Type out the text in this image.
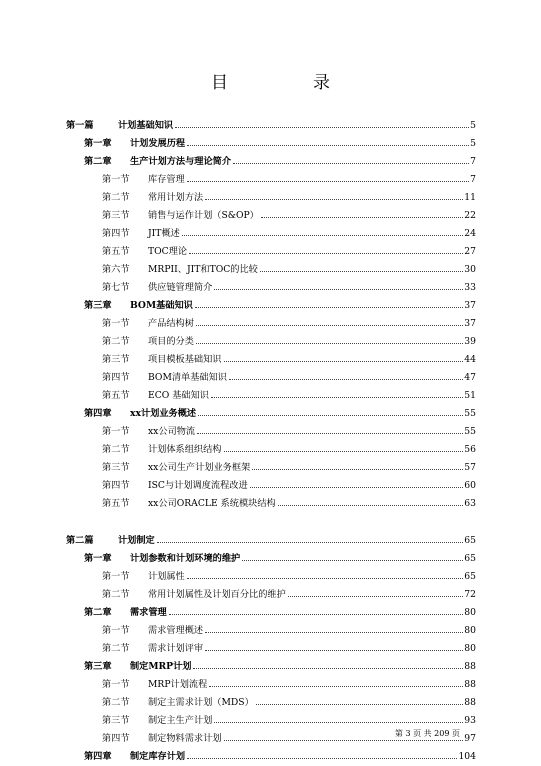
目　录
第一篇	计划基础知识	5
第一章	计划发展历程	5
第二章	生产计划方法与理论简介	7
第一节	库存管理	7
第二节	常用计划方法	11
第三节	销售与运作计划（S&OP）	22
第四节	JIT概述	24
第五节	TOC理论	27
第六节	MRPII、JIT和TOC的比较	30
第七节	供应链管理简介	33
第三章	BOM基础知识	37
第一节	产品结构树	37
第二节	项目的分类	39
第三节	项目模板基础知识	44
第四节	BOM清单基础知识	47
第五节	ECO 基础知识	51
第四章	xx计划业务概述	55
第一节	xx公司物流	55
第二节	计划体系组织结构	56
第三节	xx公司生产计划业务框架	57
第四节	ISC与计划调度流程改进	60
第五节	xx公司ORACLE 系统模块结构	63
第二篇	计划制定	65
第一章	计划参数和计划环境的维护	65
第一节	计划属性	65
第二节	常用计划属性及计划百分比的维护	72
第二章	需求管理	80
第一节	需求管理概述	80
第二节	需求计划评审	80
第三章	制定MRP计划	88
第一节	MRP计划流程	88
第二节	制定主需求计划（MDS）	88
第三节	制定主生产计划	93
第四节	制定物料需求计划	97
第四章	制定库存计划	104
第 3 页 共 209 页
